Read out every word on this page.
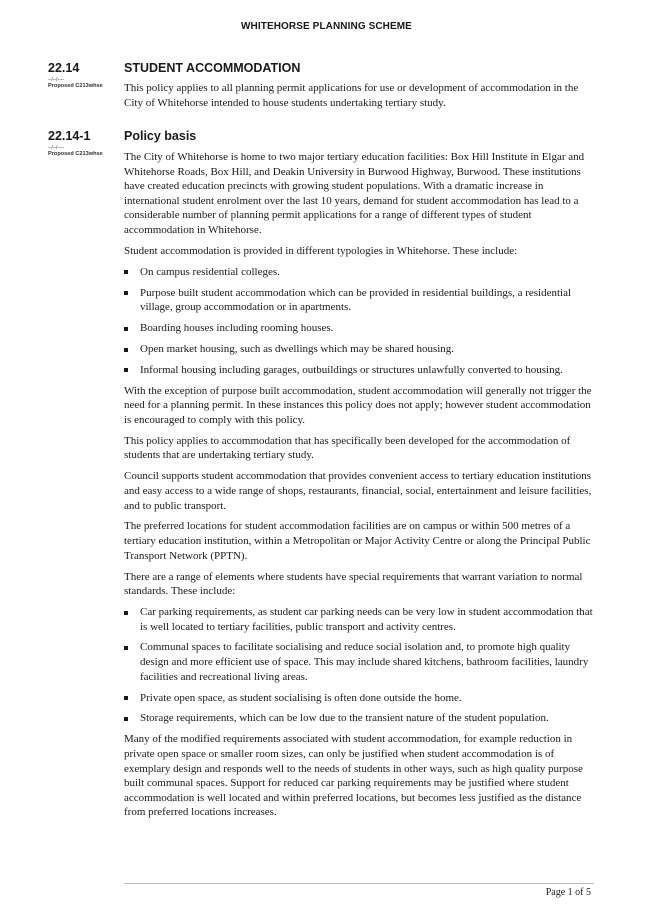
WHITEHORSE PLANNING SCHEME
22.14
--/--/----
Proposed C213whse
STUDENT ACCOMMODATION

This policy applies to all planning permit applications for use or development of accommodation in the City of Whitehorse intended to house students undertaking tertiary study.

22.14-1
--/--/----
Proposed C213whse
Policy basis

The City of Whitehorse is home to two major tertiary education facilities: Box Hill Institute in Elgar and Whitehorse Roads, Box Hill, and Deakin University in Burwood Highway, Burwood. These institutions have created education precincts with growing student populations. With a dramatic increase in international student enrolment over the last 10 years, demand for student accommodation has lead to a considerable number of planning permit applications for a range of different types of student accommodation in Whitehorse.

Student accommodation is provided in different typologies in Whitehorse. These include:

On campus residential colleges.
Purpose built student accommodation which can be provided in residential buildings, a residential village, group accommodation or in apartments.
Boarding houses including rooming houses.
Open market housing, such as dwellings which may be shared housing.
Informal housing including garages, outbuildings or structures unlawfully converted to housing.

With the exception of purpose built accommodation, student accommodation will generally not trigger the need for a planning permit. In these instances this policy does not apply; however student accommodation is encouraged to comply with this policy.

This policy applies to accommodation that has specifically been developed for the accommodation of students that are undertaking tertiary study.

Council supports student accommodation that provides convenient access to tertiary education institutions and easy access to a wide range of shops, restaurants, financial, social, entertainment and leisure facilities, and to public transport.

The preferred locations for student accommodation facilities are on campus or within 500 metres of a tertiary education institution, within a Metropolitan or Major Activity Centre or along the Principal Public Transport Network (PPTN).

There are a range of elements where students have special requirements that warrant variation to normal standards. These include:

Car parking requirements, as student car parking needs can be very low in student accommodation that is well located to tertiary facilities, public transport and activity centres.
Communal spaces to facilitate socialising and reduce social isolation and, to promote high quality design and more efficient use of space. This may include shared kitchens, bathroom facilities, laundry facilities and recreational living areas.
Private open space, as student socialising is often done outside the home.
Storage requirements, which can be low due to the transient nature of the student population.

Many of the modified requirements associated with student accommodation, for example reduction in private open space or smaller room sizes, can only be justified when student accommodation is of exemplary design and responds well to the needs of students in other ways, such as high quality purpose built communal spaces. Support for reduced car parking requirements may be justified where student accommodation is well located and within preferred locations, but becomes less justified as the distance from preferred locations increases.

Page 1 of 5
